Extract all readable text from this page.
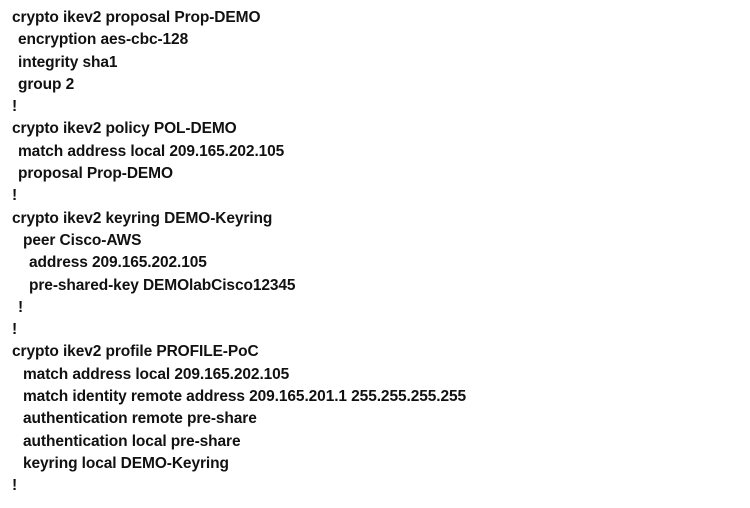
crypto ikev2 proposal Prop-DEMO
encryption aes-cbc-128
integrity sha1
group 2
!
crypto ikev2 policy POL-DEMO
match address local 209.165.202.105
proposal Prop-DEMO
!
crypto ikev2 keyring DEMO-Keyring
peer Cisco-AWS
address 209.165.202.105
pre-shared-key DEMOlabCisco12345
!
!
crypto ikev2 profile PROFILE-PoC
match address local 209.165.202.105
match identity remote address 209.165.201.1 255.255.255.255
authentication remote pre-share
authentication local pre-share
keyring local DEMO-Keyring
!
